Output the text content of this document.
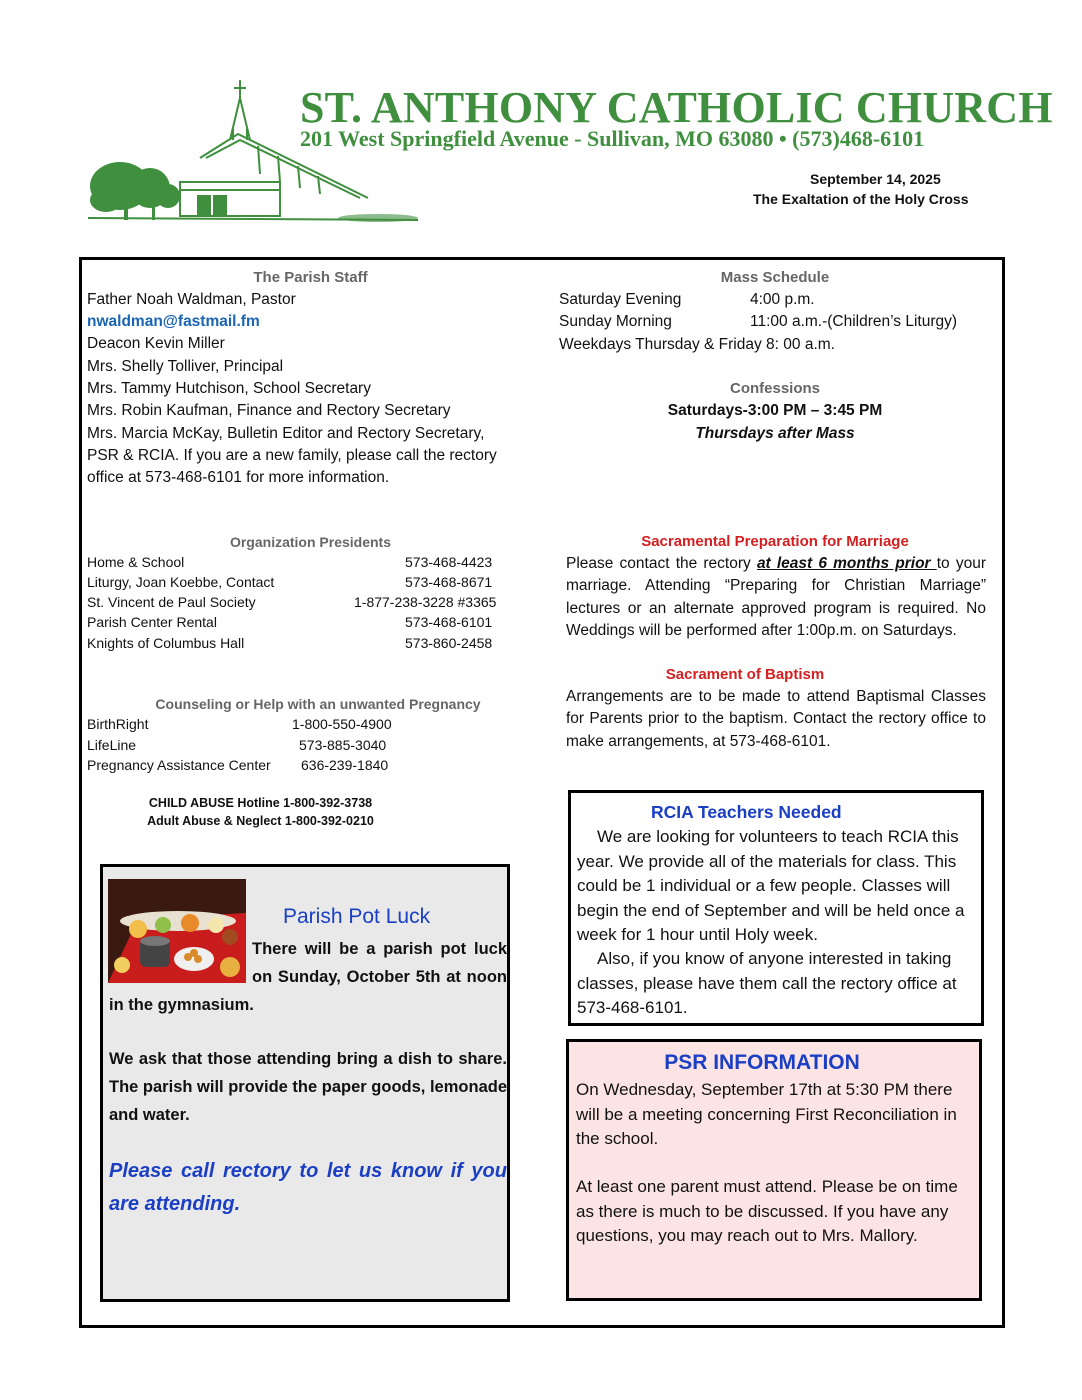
ST. ANTHONY CATHOLIC CHURCH
201 West Springfield Avenue - Sullivan, MO 63080 • (573)468-6101
September 14, 2025
The Exaltation of the Holy Cross
The Parish Staff
Father Noah Waldman, Pastor
nwaldman@fastmail.fm
Deacon Kevin Miller
Mrs. Shelly Tolliver, Principal
Mrs. Tammy Hutchison, School Secretary
Mrs. Robin Kaufman, Finance and Rectory Secretary
Mrs. Marcia McKay, Bulletin Editor and Rectory Secretary,
PSR & RCIA. If you are a new family, please call the rectory
office at 573-468-6101 for more information.
Mass Schedule
Saturday Evening	4:00 p.m.
Sunday Morning	11:00 a.m.-(Children’s Liturgy)
Weekdays Thursday & Friday 8: 00 a.m.
Confessions
Saturdays-3:00 PM – 3:45 PM
Thursdays after Mass
Organization Presidents
Home & School	573-468-4423
Liturgy, Joan Koebbe, Contact	573-468-8671
St. Vincent de Paul Society	1-877-238-3228 #3365
Parish Center Rental	573-468-6101
Knights of Columbus Hall	573-860-2458
Counseling or Help with an unwanted Pregnancy
BirthRight	1-800-550-4900
LifeLine	573-885-3040
Pregnancy Assistance Center 636-239-1840
CHILD ABUSE Hotline 1-800-392-3738
Adult Abuse & Neglect 1-800-392-0210
Sacramental Preparation for Marriage
Please contact the rectory at least 6 months prior to your marriage. Attending “Preparing for Christian Marriage” lectures or an alternate approved program is required. No Weddings will be performed after 1:00p.m. on Saturdays.
Sacrament of Baptism
Arrangements are to be made to attend Baptismal Classes for Parents prior to the baptism. Contact the rectory office to make arrangements, at 573-468-6101.
Parish Pot Luck
There will be a parish pot luck on Sunday, October 5th at noon in the gymnasium.
We ask that those attending bring a dish to share. The parish will provide the paper goods, lemonade and water.
Please call rectory to let us know if you are attending.
RCIA Teachers Needed
We are looking for volunteers to teach RCIA this year. We provide all of the materials for class. This could be 1 individual or a few people. Classes will begin the end of September and will be held once a week for 1 hour until Holy week.
Also, if you know of anyone interested in taking classes, please have them call the rectory office at 573-468-6101.
PSR INFORMATION
On Wednesday, September 17th at 5:30 PM there will be a meeting concerning First Reconciliation in the school.
At least one parent must attend. Please be on time as there is much to be discussed. If you have any questions, you may reach out to Mrs. Mallory.
